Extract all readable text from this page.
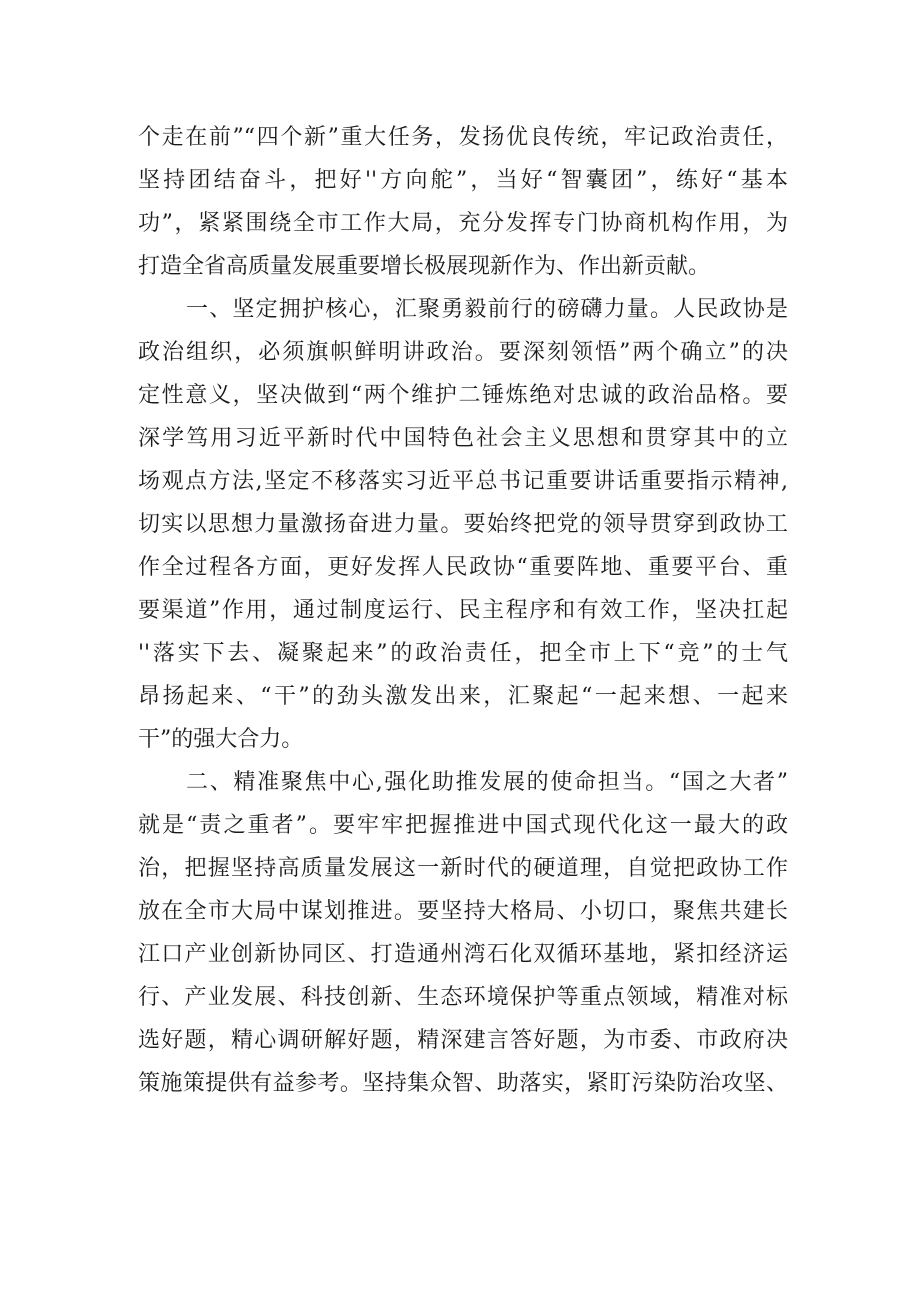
个走在前”“四个新”重大任务，发扬优良传统，牢记政治责任，
坚持团结奋斗，把好''方向舵”，当好“智囊团”，练好“基本
功”，紧紧围绕全市工作大局，充分发挥专门协商机构作用，为
打造全省高质量发展重要增长极展现新作为、作出新贡献。
一、坚定拥护核心，汇聚勇毅前行的磅礴力量。人民政协是
政治组织，必须旗帜鲜明讲政治。要深刻领悟”两个确立”的决
定性意义，坚决做到“两个维护二锤炼绝对忠诚的政治品格。要
深学笃用习近平新时代中国特色社会主义思想和贯穿其中的立
场观点方法,坚定不移落实习近平总书记重要讲话重要指示精神,
切实以思想力量激扬奋进力量。要始终把党的领导贯穿到政协工
作全过程各方面，更好发挥人民政协“重要阵地、重要平台、重
要渠道”作用，通过制度运行、民主程序和有效工作，坚决扛起
''落实下去、凝聚起来”的政治责任，把全市上下“竞”的士气
昂扬起来、“干”的劲头激发出来，汇聚起“一起来想、一起来
干”的强大合力。
二、精准聚焦中心,强化助推发展的使命担当。“国之大者”
就是“责之重者”。要牢牢把握推进中国式现代化这一最大的政
治，把握坚持高质量发展这一新时代的硬道理，自觉把政协工作
放在全市大局中谋划推进。要坚持大格局、小切口，聚焦共建长
江口产业创新协同区、打造通州湾石化双循环基地，紧扣经济运
行、产业发展、科技创新、生态环境保护等重点领域，精准对标
选好题，精心调研解好题，精深建言答好题，为市委、市政府决
策施策提供有益参考。坚持集众智、助落实，紧盯污染防治攻坚、
